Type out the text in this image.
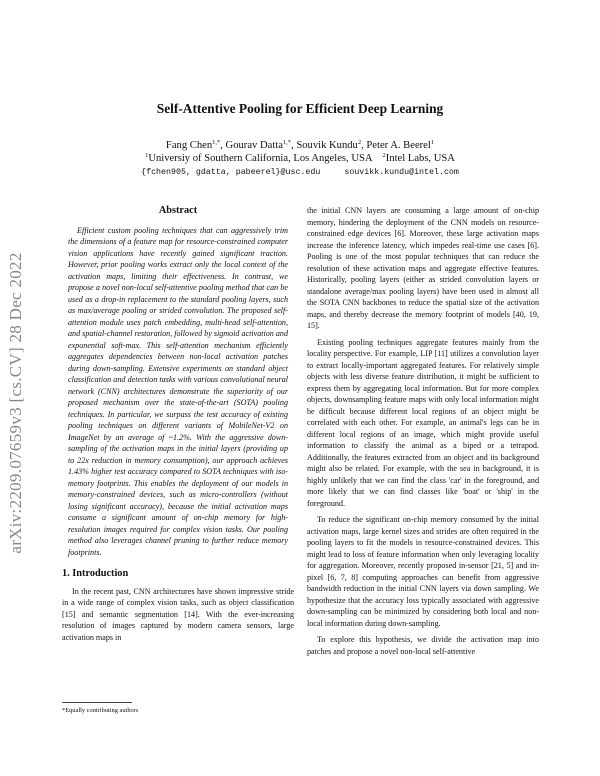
arXiv:2209.07659v3 [cs.CV] 28 Dec 2022
Self-Attentive Pooling for Efficient Deep Learning
Fang Chen$^{1,*}$, Gourav Datta$^{1,*}$, Souvik Kundu$^2$, Peter A. Beerel$^1$
$^1$Universiy of Southern California, Los Angeles, USA $^2$Intel Labs, USA
{fchen905, gdatta, pabeerel}@usc.edu	souvikk.kundu@intel.com
Abstract

Efficient custom pooling techniques that can aggressively trim the dimensions of a feature map for resource-constrained computer vision applications have recently gained significant traction. However, prior pooling works extract only the local context of the activation maps, limiting their effectiveness. In contrast, we propose a novel non-local self-attentive pooling method that can be used as a drop-in replacement to the standard pooling layers, such as max/average pooling or strided convolution. The proposed self-attention module uses patch embedding, multi-head self-attention, and spatial-channel restoration, followed by sigmoid activation and exponential soft-max. This self-attention mechanism efficiently aggregates dependencies between non-local activation patches during down-sampling. Extensive experiments on standard object classification and detection tasks with various convolutional neural network (CNN) architectures demonstrate the superiority of our proposed mechanism over the state-of-the-art (SOTA) pooling techniques. In particular, we surpass the test accuracy of existing pooling techniques on different variants of MobileNet-V2 on ImageNet by an average of ~1.2%. With the aggressive down-sampling of the activation maps in the initial layers (providing up to 22x reduction in memory consumption), our approach achieves 1.43% higher test accuracy compared to SOTA techniques with iso-memory footprints. This enables the deployment of our models in memory-constrained devices, such as micro-controllers (without losing significant accuracy), because the initial activation maps consume a significant amount of on-chip memory for high-resolution images required for complex vision tasks. Our pooling method also leverages channel pruning to further reduce memory footprints.

1. Introduction

In the recent past, CNN architectures have shown impressive stride in a wide range of complex vision tasks, such as object classification [15] and semantic segmentation [14]. With the ever-increasing resolution of images captured by modern camera sensors, large activation maps in

the initial CNN layers are consuming a large amount of on-chip memory, hindering the deployment of the CNN models on resource-constrained edge devices [6]. Moreover, these large activation maps increase the inference latency, which impedes real-time use cases [6]. Pooling is one of the most popular techniques that can reduce the resolution of these activation maps and aggregate effective features. Historically, pooling layers (either as strided convolution layers or standalone average/max pooling layers) have been used in almost all the SOTA CNN backbones to reduce the spatial size of the activation maps, and thereby decrease the memory footprint of models [40, 19, 15].

Existing pooling techniques aggregate features mainly from the locality perspective. For example, LIP [11] utilizes a convolution layer to extract locally-important aggregated features. For relatively simple objects with less diverse feature distribution, it might be sufficient to express them by aggregating local information. But for more complex objects, downsampling feature maps with only local information might be difficult because different local regions of an object might be correlated with each other. For example, an animal's legs can be in different local regions of an image, which might provide useful information to classify the animal as a biped or a tetrapod. Additionally, the features extracted from an object and its background might also be related. For example, with the sea in background, it is highly unlikely that we can find the class 'car' in the foreground, and more likely that we can find classes like 'boat' or 'ship' in the foreground.

To reduce the significant on-chip memory consumed by the initial activation maps, large kernel sizes and strides are often required in the pooling layers to fit the models in resource-constrained devices. This might lead to loss of feature information when only leveraging locality for aggregation. Moreover, recently proposed in-sensor [21, 5] and in-pixel [6, 7, 8] computing approaches can benefit from aggressive bandwidth reduction in the initial CNN layers via down sampling. We hypothesize that the accuracy loss typically associated with aggressive down-sampling can be minimized by considering both local and non-local information during down-sampling.

To explore this hypothesis, we divide the activation map into patches and propose a novel non-local self-attentive

*Equally contributing authors
